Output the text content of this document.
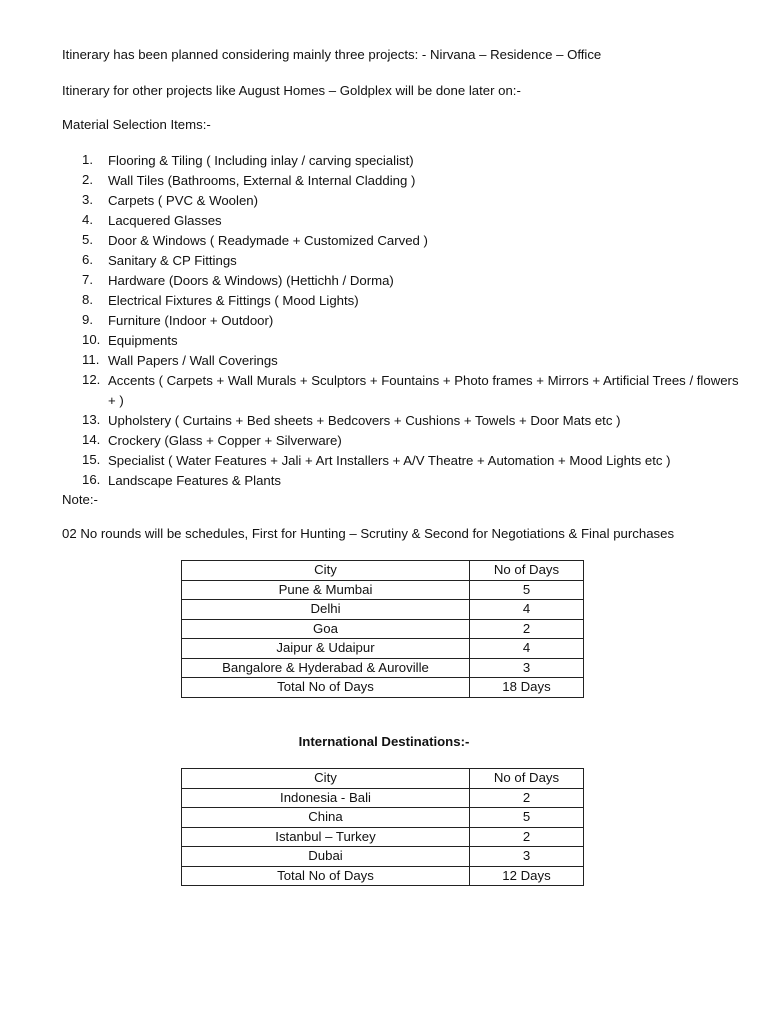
Itinerary has been planned considering mainly three projects: - Nirvana – Residence – Office

Itinerary for other projects like August Homes – Goldplex will be done later on:-

Material Selection Items:-

1.	Flooring & Tiling ( Including inlay / carving specialist)
2.	Wall Tiles (Bathrooms, External & Internal Cladding )
3.	Carpets ( PVC & Woolen)
4.	Lacquered Glasses
5.	Door & Windows ( Readymade + Customized Carved )
6.	Sanitary & CP Fittings
7.	Hardware (Doors & Windows) (Hettichh / Dorma)
8.	Electrical Fixtures & Fittings ( Mood Lights)
9.	Furniture (Indoor + Outdoor)
10. Equipments
11. Wall Papers / Wall Coverings
12. Accents ( Carpets + Wall Murals + Sculptors + Fountains + Photo frames + Mirrors + Artificial Trees / flowers + )
13. Upholstery ( Curtains + Bed sheets + Bedcovers + Cushions + Towels + Door Mats etc )
14. Crockery (Glass + Copper + Silverware)
15. Specialist ( Water Features + Jali + Art Installers + A/V Theatre + Automation + Mood Lights etc )
16. Landscape Features & Plants

Note:-

02 No rounds will be schedules, First for Hunting – Scrutiny & Second for Negotiations & Final purchases

City	No of Days
Pune & Mumbai	5
Delhi	4
Goa	2
Jaipur & Udaipur	4
Bangalore & Hyderabad & Auroville	3
Total No of Days	18 Days

International Destinations:-

City	No of Days
Indonesia - Bali	2
China	5
Istanbul – Turkey	2
Dubai	3
Total No of Days	12 Days
